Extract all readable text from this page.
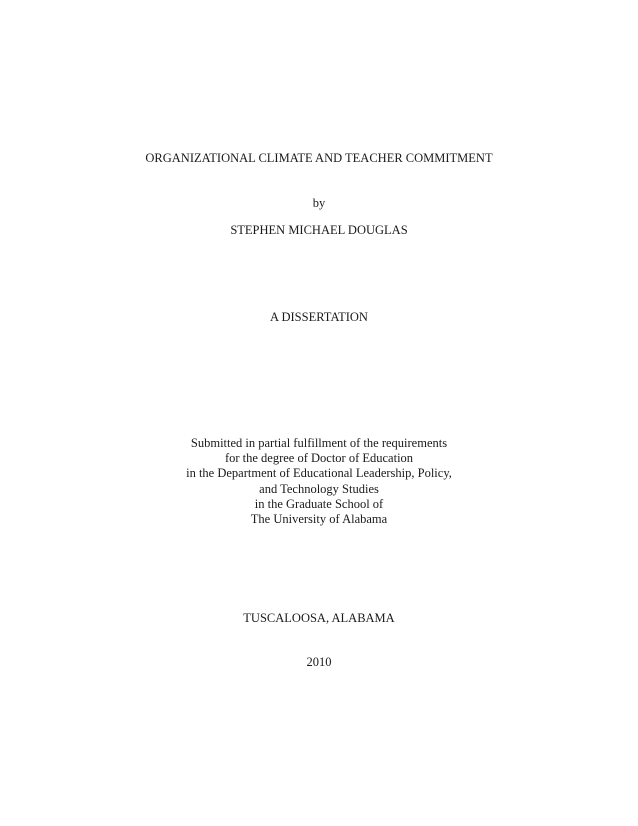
ORGANIZATIONAL CLIMATE AND TEACHER COMMITMENT
by
STEPHEN MICHAEL DOUGLAS
A DISSERTATION
Submitted in partial fulfillment of the requirements
for the degree of Doctor of Education
in the Department of Educational Leadership, Policy,
and Technology Studies
in the Graduate School of
The University of Alabama
TUSCALOOSA, ALABAMA
2010
